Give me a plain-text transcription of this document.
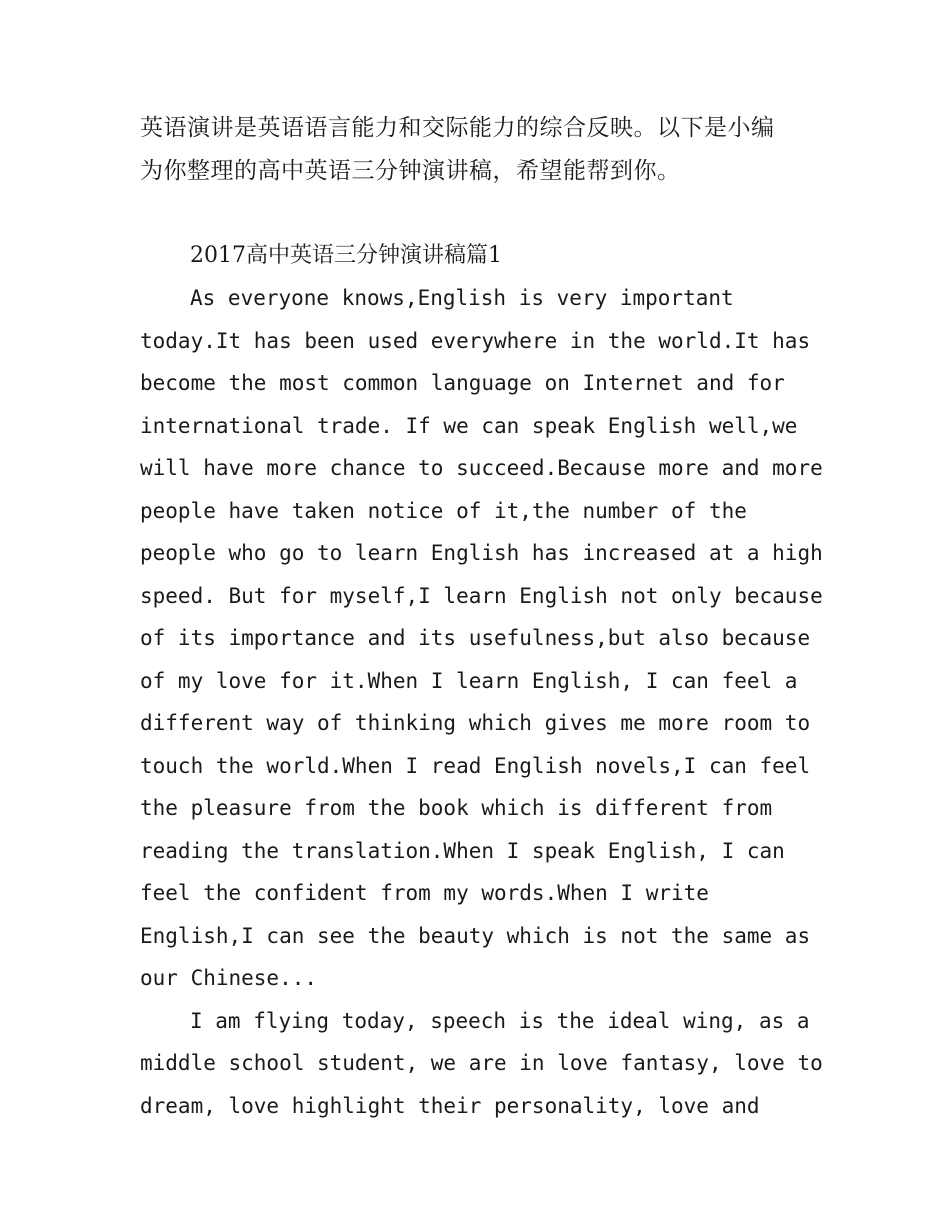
英语演讲是英语语言能力和交际能力的综合反映。以下是小编
为你整理的高中英语三分钟演讲稿，希望能帮到你。
2017高中英语三分钟演讲稿篇1
As everyone knows,English is very important
today.It has been used everywhere in the world.It has
become the most common language on Internet and for
international trade. If we can speak English well,we
will have more chance to succeed.Because more and more
people have taken notice of it,the number of the
people who go to learn English has increased at a high
speed. But for myself,I learn English not only because
of its importance and its usefulness,but also because
of my love for it.When I learn English, I can feel a
different way of thinking which gives me more room to
touch the world.When I read English novels,I can feel
the pleasure from the book which is different from
reading the translation.When I speak English, I can
feel the confident from my words.When I write
English,I can see the beauty which is not the same as
our Chinese...
I am flying today, speech is the ideal wing, as a
middle school student, we are in love fantasy, love to
dream, love highlight their personality, love and
